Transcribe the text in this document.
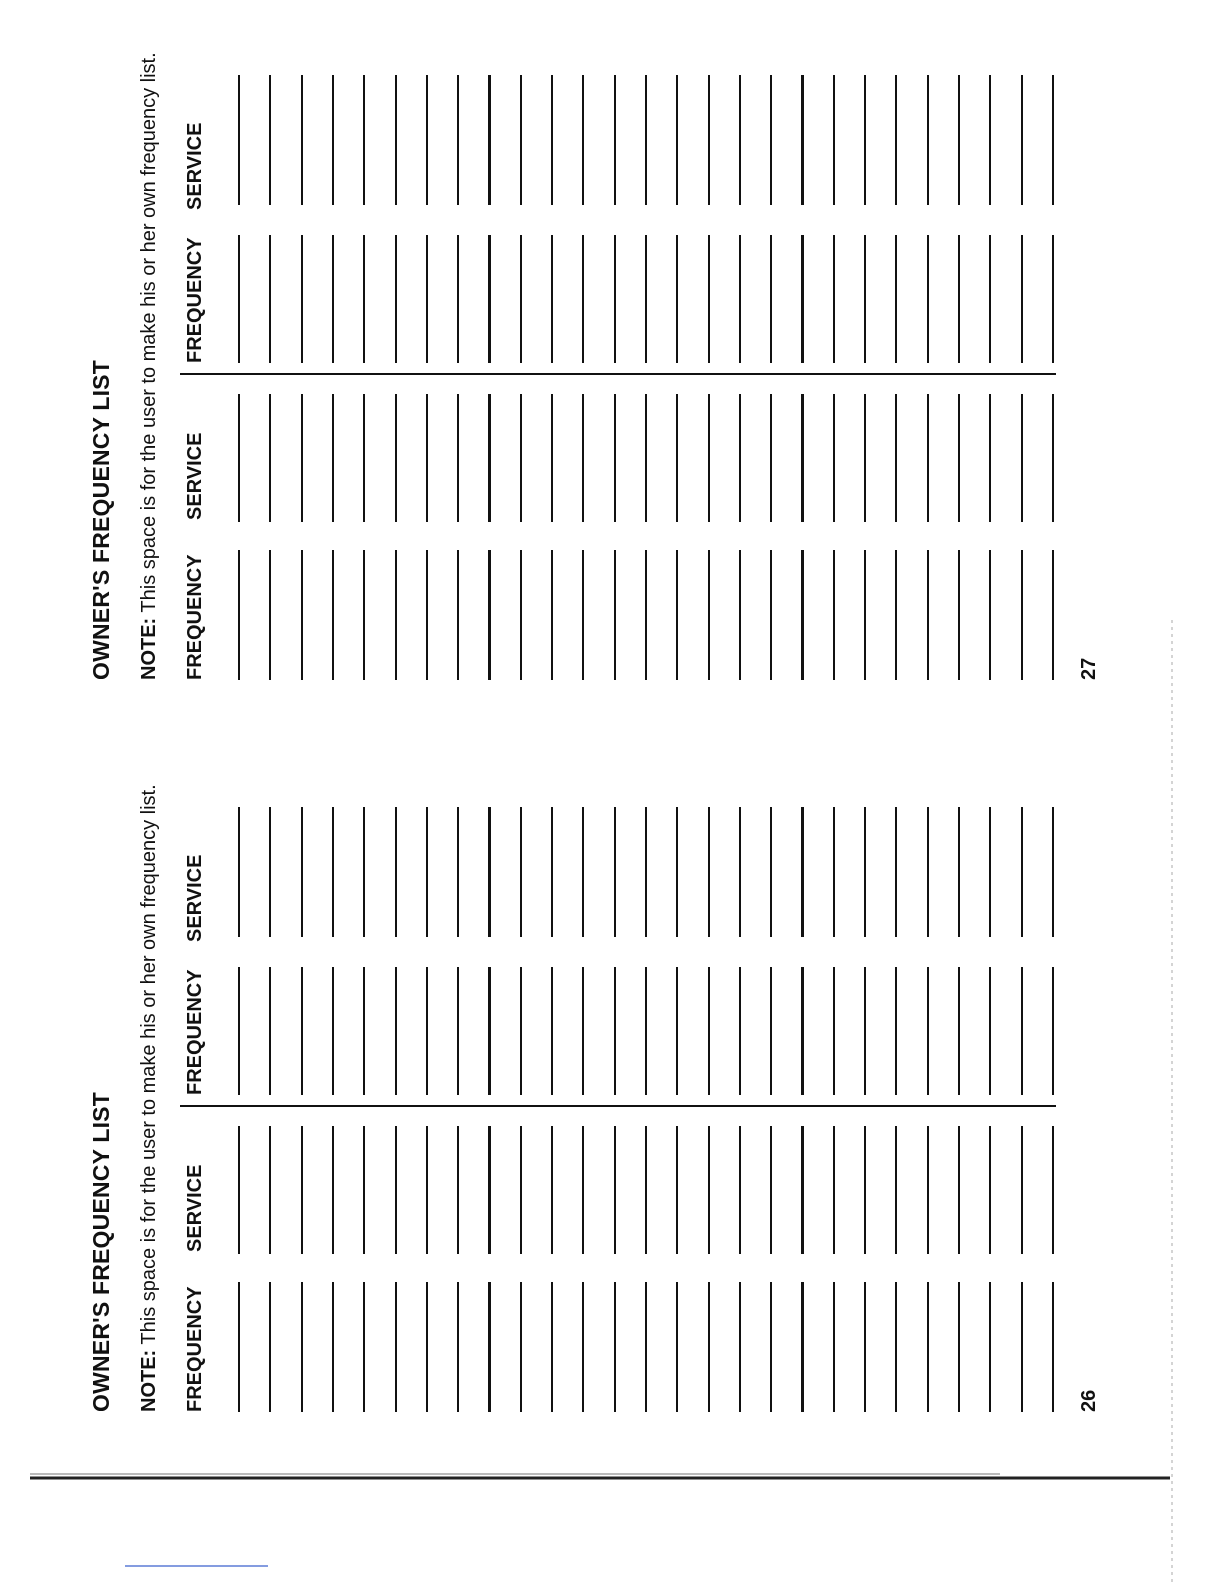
OWNER'S FREQUENCY LIST NOTE: This space is for the user to make his or her own frequency list.
FREQUENCY
SERVICE
FREQUENCY
SERVICE
26
OWNER'S FREQUENCY LIST NOTE: This space is for the user to make his or her own frequency list.
FREQUENCY
SERVICE
FREQUENCY
SERVICE
27
